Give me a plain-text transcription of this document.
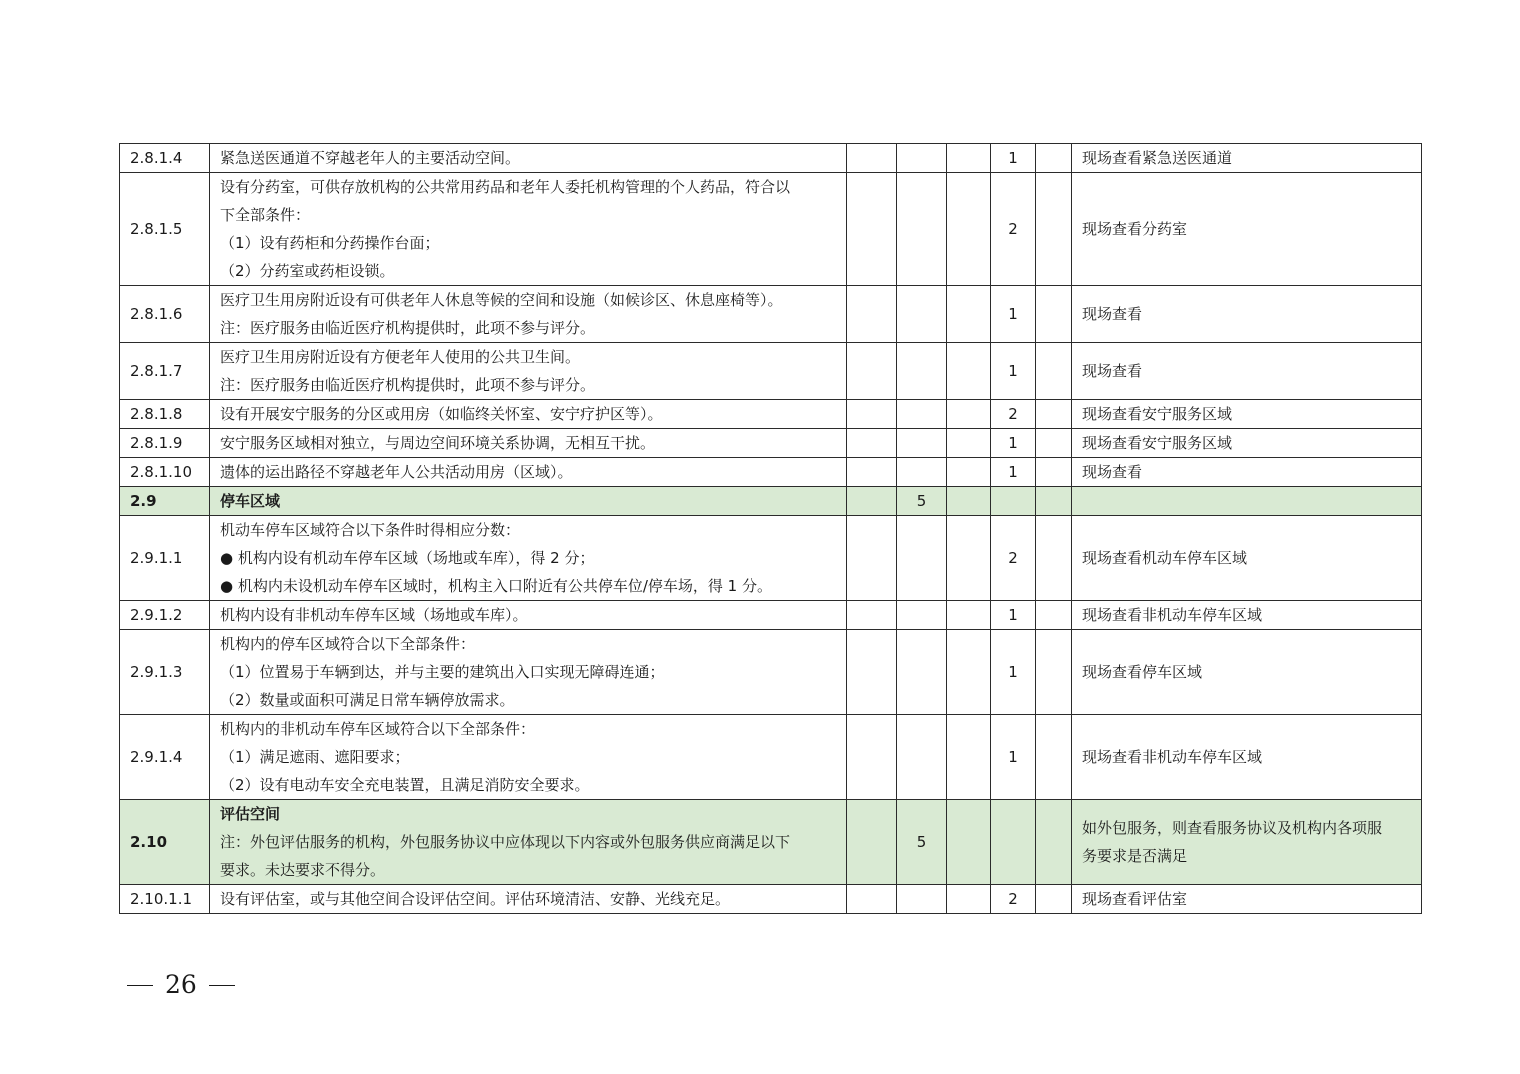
2.8.1.4	紧急送医通道不穿越老年人的主要活动空间。				1		现场查看紧急送医通道

2.8.1.5	设有分药室，可供存放机构的公共常用药品和老年人委托机构管理的个人药品，符合以
下全部条件：
（1）设有药柜和分药操作台面；
（2）分药室或药柜设锁。				2		现场查看分药室

2.8.1.6	医疗卫生用房附近设有可供老年人休息等候的空间和设施（如候诊区、休息座椅等）。
注：医疗服务由临近医疗机构提供时，此项不参与评分。				1		现场查看

2.8.1.7	医疗卫生用房附近设有方便老年人使用的公共卫生间。
注：医疗服务由临近医疗机构提供时，此项不参与评分。				1		现场查看

2.8.1.8	设有开展安宁服务的分区或用房（如临终关怀室、安宁疗护区等）。				2		现场查看安宁服务区域

2.8.1.9	安宁服务区域相对独立，与周边空间环境关系协调，无相互干扰。				1		现场查看安宁服务区域

2.8.1.10	遗体的运出路径不穿越老年人公共活动用房（区域）。				1		现场查看

2.9	停车区域		5				
2.9.1.1	机动车停车区域符合以下条件时得相应分数：
● 机构内设有机动车停车区域（场地或车库），得 2 分；
● 机构内未设机动车停车区域时，机构主入口附近有公共停车位/停车场，得 1 分。				2		现场查看机动车停车区域

2.9.1.2	机构内设有非机动车停车区域（场地或车库）。				1		现场查看非机动车停车区域

2.9.1.3	机构内的停车区域符合以下全部条件：
（1）位置易于车辆到达，并与主要的建筑出入口实现无障碍连通；
（2）数量或面积可满足日常车辆停放需求。				1		现场查看停车区域

2.9.1.4	机构内的非机动车停车区域符合以下全部条件：
（1）满足遮雨、遮阳要求；
（2）设有电动车安全充电装置，且满足消防安全要求。				1		现场查看非机动车停车区域

2.10	评估空间
注：外包评估服务的机构，外包服务协议中应体现以下内容或外包服务供应商满足以下
要求。未达要求不得分。		5				如外包服务，则查看服务协议及机构内各项服
务要求是否满足

2.10.1.1	设有评估室，或与其他空间合设评估空间。评估环境清洁、安静、光线充足。				2		现场查看评估室
26
